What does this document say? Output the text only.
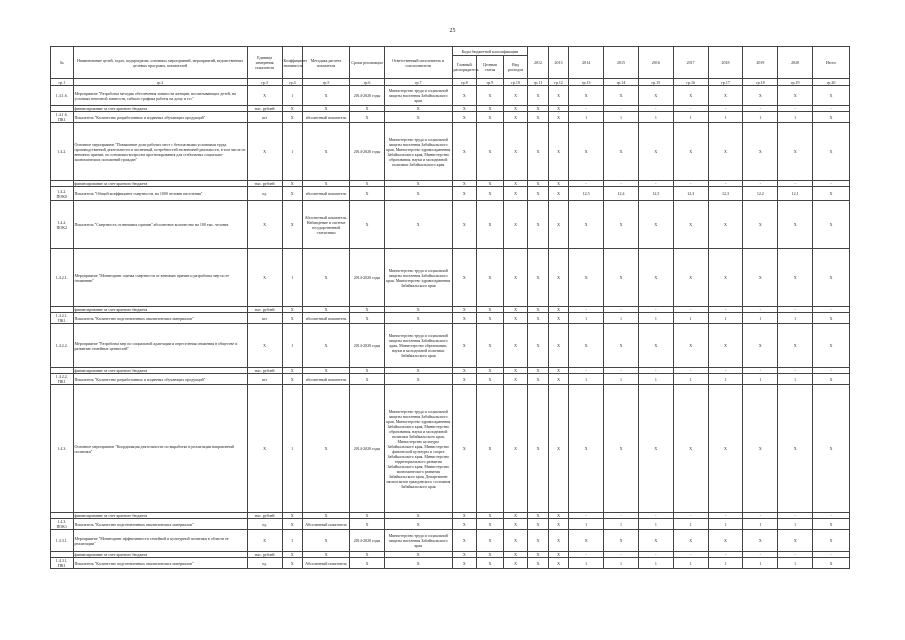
25
№	Наименование целей, задач, подпрограмм, основных мероприятий, мероприятий, ведомственных целевых программ, показателей	Единица измерения показателя	Коэффициент значимости	Методика расчета показателя	Сроки реализации	Ответственный исполнитель и соисполнители	Коды бюджетной классификации			2012	2013	2014	2015	2016	2017	2018	2019	2020	Итого
							Главный распорядитель	Целевая статья	Вид расходов										
гр.1	гр.2	гр.3	гр.4	гр.5	гр.6	гр.7	гр.8	гр.9	гр.10	гр.11	гр.12	гр.13	гр.14	гр.15	гр.16	гр.17	гр.18	гр.19	гр.20
1.4.1.6.	Мероприятие "Разработка методик обеспечения занятости женщин, воспитывающих детей, на условиях неполной занятости, гибкого графика работы на дому и т.п."	X	1	X	2014-2020 годы	Министерство труда и социальной защиты населения Забайкальского края	X	X	X	X	X	X	X	X	X	X	X	X	X
	финансирование за счет краевого бюджета	тыс. рублей	X	X	X	X	X	X	X	X	X	-	-	-	-	-	-	-	-
1.4.1.6. ПК1	Показатель "Количество разработанных и изданных обучающих продукций"	шт	X	абсолютный показатель	X	X	X	X	X	X	X	1	1	1	1	1	1	1	X
1.4.2.	Основное мероприятие "Повышение доли рабочих мест с безопасными условиями труда, производственной деятельности и частичный, потребностей на внешней реальности, в том числе из внешних причин, по основным вопросам прогнозирования для стабильных социально-экономических положений граждан"	X	1	X	2014-2020 годы	Министерство труда и социальной защиты населения Забайкальского края, Министерство здравоохранения Забайкальского края, Министерство образования, науки и молодежной политики Забайкальского края	X	X	X	X	X	X	X	X	X	X	X	X	X
	финансирование за счет краевого бюджета	тыс. рублей	X	X	X	X	X	X	X	X	X	-	-	-	-	-	-	-	-
1.4.2. ПОК0	Показатель "Общий коэффициент смертности, на 1000 человек населения"	ед.	X	абсолютный показатель	X	X	X	X	X	X	X	12,5	12,4	12,5	12,3	12,3	12,2	12,1	X
1.4.2. ПОК2	Показатель "Смертность от внешних причин" абсолютное количество на 100 тыс. человек	X	X	Абсолютный показатель. Наблюдение в системе государственной статистики	X	X	X	X	X	X	X	X	X	X	X	X	X	X	X
1.4.2.1.	Мероприятие "Мониторинг оценка смертности от внешних причин и разработка мер по ее снижению"	X	1	X	2014-2020 годы	Министерство труда и социальной защиты населения Забайкальского края, Министерство здравоохранения Забайкальского края	X	X	X	X	X	X	X	X	X	X	X	X	X
	финансирование за счет краевого бюджета	тыс. рублей	X	X	X	X	X	X	X	X	X	-	-	-	-	-	-	-	-
1.4.2.1. ПК1	Показатель "Количество подготовленных аналитических материалов"	шт	X	абсолютный показатель	X	X	X	X	X	X	X	1	1	1	1	1	1	1	X
1.4.2.2.	Мероприятие "Разработка мер по социальной адаптации и переселения снижения в обществе и развитию семейных ценностей"	X	1	X	2014-2020 годы	Министерство труда и социальной защиты населения Забайкальского края, Министерство образования, науки и молодежной политики Забайкальского края	X	X	X	X	X	X	X	X	X	X	X	X	X
	финансирование за счет краевого бюджета	тыс. рублей	X	X	X	X	X	X	X	X	X	-	-	-	-	-	-	-	-
1.4.2.2. ПК1	Показатель "Количество разработанных и изданных обучающих продукций"	шт	X	абсолютный показатель	X	X	X	X	X	X	X	1	1	1	1	1	1	1	X
1.4.3.	Основное мероприятие "Координация деятельности по выработке и реализации направлений политики"	X	1	X	2014-2020 годы	Министерство труда и социальной защиты населения Забайкальского края, Министерство здравоохранения Забайкальского края, Министерство образования, науки и молодежной политики Забайкальского края, Министерство культуры Забайкальского края, Министерство физической культуры и спорта Забайкальского края, Министерство территориального развития Забайкальского края, Министерство экономического развития Забайкальского края, Департамент записи актов гражданского состояния Забайкальского края	X	X	X	X	X	X	X	X	X	X	X	X	X
	финансирование за счет краевого бюджета	тыс. рублей	X	X	X	X	X	X	X	X	X	-	-	-	-	-	-	-	-
1.4.3. ПОК1	Показатель "Количество подготовленных аналитических материалов"	ед.	X	Абсолютный показатель	X	X	X	X	X	X	X	1	1	1	1	1	1	1	X
1.4.3.1.	Мероприятие "Мониторинг эффективности семейной и культурной политики в области ее реализации"	X	1	X	2014-2020 годы	Министерство труда и социальной защиты населения Забайкальского края	X	X	X	X	X	X	X	X	X	X	X	X	X
	финансирование за счет краевого бюджета	тыс. рублей	X	X	X	X	X	X	X	X	X	-	-	-	-	-	-	-	-
1.4.3.1. ПК1	Показатель "Количество подготовленных аналитических материалов"	ед.	X	Абсолютный показатель	X	X	X	X	X	X	X	1	1	1	1	1	1	1	X
